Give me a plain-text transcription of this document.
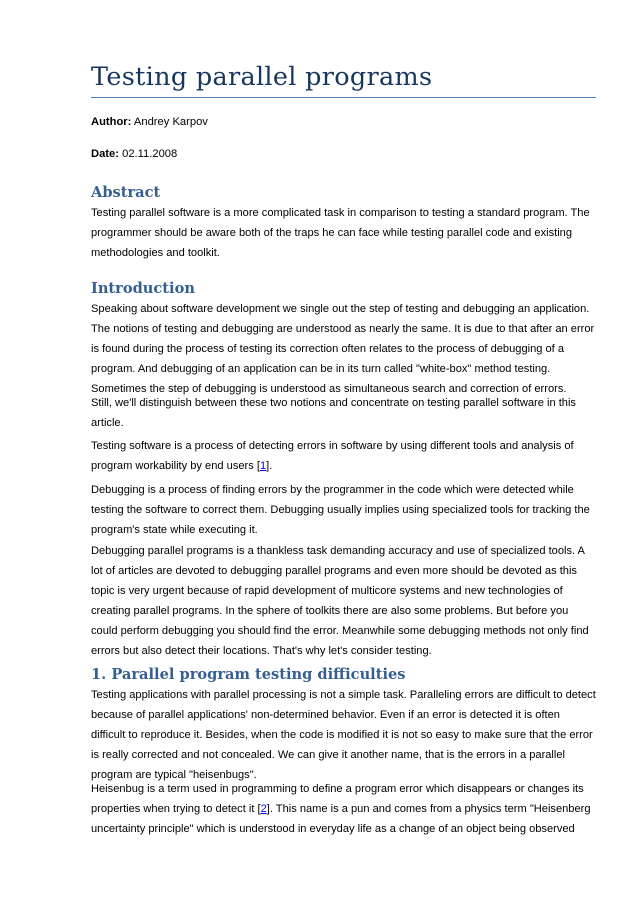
Testing parallel programs
Author: Andrey Karpov
Date: 02.11.2008
Abstract

Testing parallel software is a more complicated task in comparison to testing a standard program. The programmer should be aware both of the traps he can face while testing parallel code and existing methodologies and toolkit.

Introduction

Speaking about software development we single out the step of testing and debugging an application. The notions of testing and debugging are understood as nearly the same. It is due to that after an error is found during the process of testing its correction often relates to the process of debugging of a program. And debugging of an application can be in its turn called "white-box" method testing. Sometimes the step of debugging is understood as simultaneous search and correction of errors.

Still, we'll distinguish between these two notions and concentrate on testing parallel software in this article.

Testing software is a process of detecting errors in software by using different tools and analysis of program workability by end users [1].

Debugging is a process of finding errors by the programmer in the code which were detected while testing the software to correct them. Debugging usually implies using specialized tools for tracking the program's state while executing it.

Debugging parallel programs is a thankless task demanding accuracy and use of specialized tools. A lot of articles are devoted to debugging parallel programs and even more should be devoted as this topic is very urgent because of rapid development of multicore systems and new technologies of creating parallel programs. In the sphere of toolkits there are also some problems. But before you could perform debugging you should find the error. Meanwhile some debugging methods not only find errors but also detect their locations. That's why let's consider testing.

1. Parallel program testing difficulties

Testing applications with parallel processing is not a simple task. Paralleling errors are difficult to detect because of parallel applications' non-determined behavior. Even if an error is detected it is often difficult to reproduce it. Besides, when the code is modified it is not so easy to make sure that the error is really corrected and not concealed. We can give it another name, that is the errors in a parallel program are typical "heisenbugs".

Heisenbug is a term used in programming to define a program error which disappears or changes its properties when trying to detect it [2]. This name is a pun and comes from a physics term "Heisenberg uncertainty principle" which is understood in everyday life as a change of an object being observed
